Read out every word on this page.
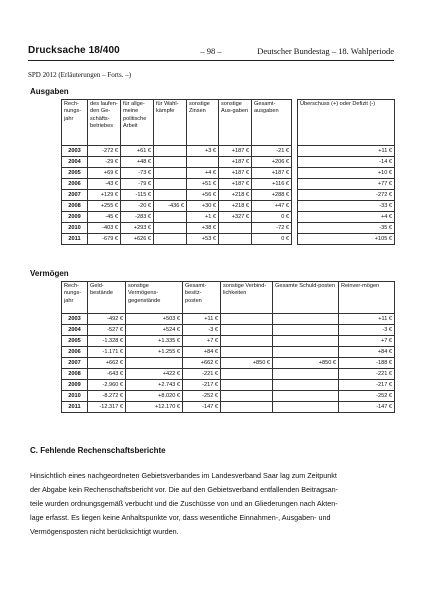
Drucksache 18/400	– 98 –	Deutscher Bundestag – 18. Wahlperiode
SPD 2012 (Erläuterungen – Forts. –)
Ausgaben
Rech-nungs-jahr	des laufen-den Ge-schäfts-betriebes	für allge-meine politische Arbeit	für Wahl-kämpfe	sonstige Zinsen	sonstige Aus-gaben	Gesamt-ausgaben		Überschuss (+) oder Defizit (-)
2003	-272 €	+61 €		+3 €	+187 €	-21 €		+11 €
2004	-29 €	+48 €			+187 €	+206 €		-14 €
2005	+69 €	-73 €		+4 €	+187 €	+187 €		+10 €
2006	-43 €	-79 €		+51 €	+187 €	+116 €		+77 €
2007	+129 €	-115 €		+56 €	+218 €	+288 €		-272 €
2008	+255 €	-20 €	-436 €	+30 €	+218 €	+47 €		-33 €
2009	-45 €	-283 €		+1 €	+327 €	0 €		+4 €
2010	-403 €	+293 €		+38 €		-72 €		-35 €
2011	-679 €	+626 €		+53 €		0 €		+105 €
Vermögen
Rech-nungs-jahr	Geld-bestände	sonstige Vermögens-gegenstände	Gesamt-besitz-posten	sonstige Verbind-lichkeiten	Gesamte Schuld-posten	Reinver-mögen
2003	-492 €	+503 €	+11 €			+11 €
2004	-527 €	+524 €	-3 €			-3 €
2005	-1.328 €	+1.335 €	+7 €			+7 €
2006	-1.171 €	+1.255 €	+84 €			+84 €
2007	+662 €		+662 €	+850 €	+850 €	-188 €
2008	-643 €	+422 €	-221 €			-221 €
2009	-2.960 €	+2.743 €	-217 €			-217 €
2010	-8.272 €	+8.020 €	-252 €			-252 €
2011	-12.317 €	+12.170 €	-147 €			-147 €
C. Fehlende Rechenschaftsberichte
Hinsichtlich eines nachgeordneten Gebietsverbandes im Landesverband Saar lag zum Zeitpunkt
der Abgabe kein Rechenschaftsbericht vor. Die auf den Gebietsverband entfallenden Beitragsan-
teile wurden ordnungsgemäß verbucht und die Zuschüsse von und an Gliederungen nach Akten-
lage erfasst. Es liegen keine Anhaltspunkte vor, dass wesentliche Einnahmen-, Ausgaben- und
Vermögensposten nicht berücksichtigt wurden.
